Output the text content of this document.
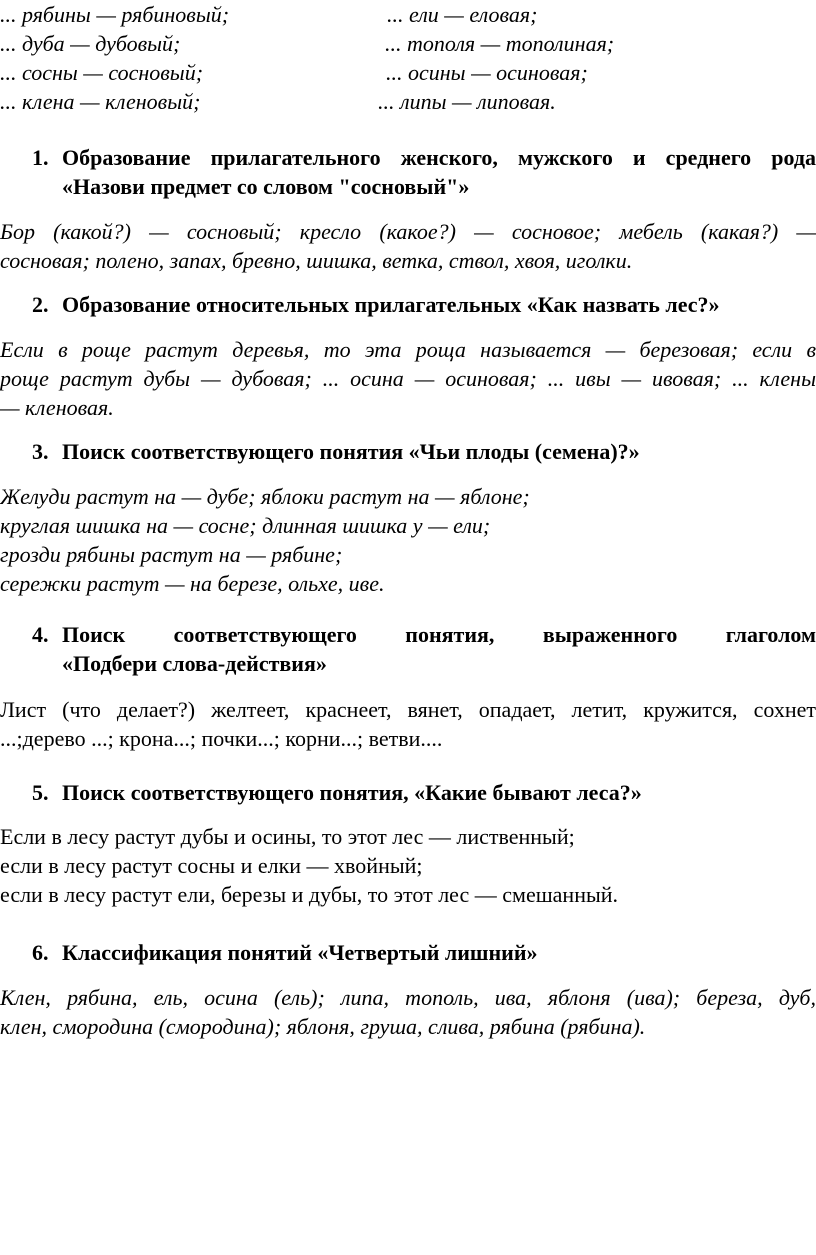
... рябины — рябиновый;	... ели — еловая;
... дуба — дубовый;	... тополя — тополиная;
... сосны — сосновый;	... осины — осиновая;
... клена — кленовый;	... липы — липовая.
1. Образование прилагательного женского, мужского и среднего рода
«Назови предмет со словом "сосновый"»
Бор (какой?) — сосновый; кресло (какое?) — сосновое; мебель (какая?) —
сосновая; полено, запах, бревно, шишка, ветка, ствол, хвоя, иголки.
2. Образование относительных прилагательных «Как назвать лес?»
Если в роще растут деревья, то эта роща называется — березовая; если в
роще растут дубы — дубовая; ... осина — осиновая; ... ивы — ивовая; ... клены
— кленовая.
3. Поиск соответствующего понятия «Чьи плоды (семена)?»
Желуди растут на — дубе; яблоки растут на — яблоне;
круглая шишка на — сосне; длинная шишка у — ели;
грозди рябины растут на — рябине;
сережки растут — на березе, ольхе, иве.
4. Поиск соответствующего понятия, выраженного глаголом
«Подбери слова-действия»
Лист (что делает?) желтеет, краснеет, вянет, опадает, летит, кружится, сохнет
...;дерево ...; крона...; почки...; корни...; ветви....
5. Поиск соответствующего понятия, «Какие бывают леса?»
Если в лесу растут дубы и осины, то этот лес — лиственный;
если в лесу растут сосны и елки — хвойный;
если в лесу растут ели, березы и дубы, то этот лес — смешанный.
6. Классификация понятий «Четвертый лишний»
Клен, рябина, ель, осина (ель); липа, тополь, ива, яблоня (ива); береза, дуб,
клен, смородина (смородина); яблоня, груша, слива, рябина (рябина).
